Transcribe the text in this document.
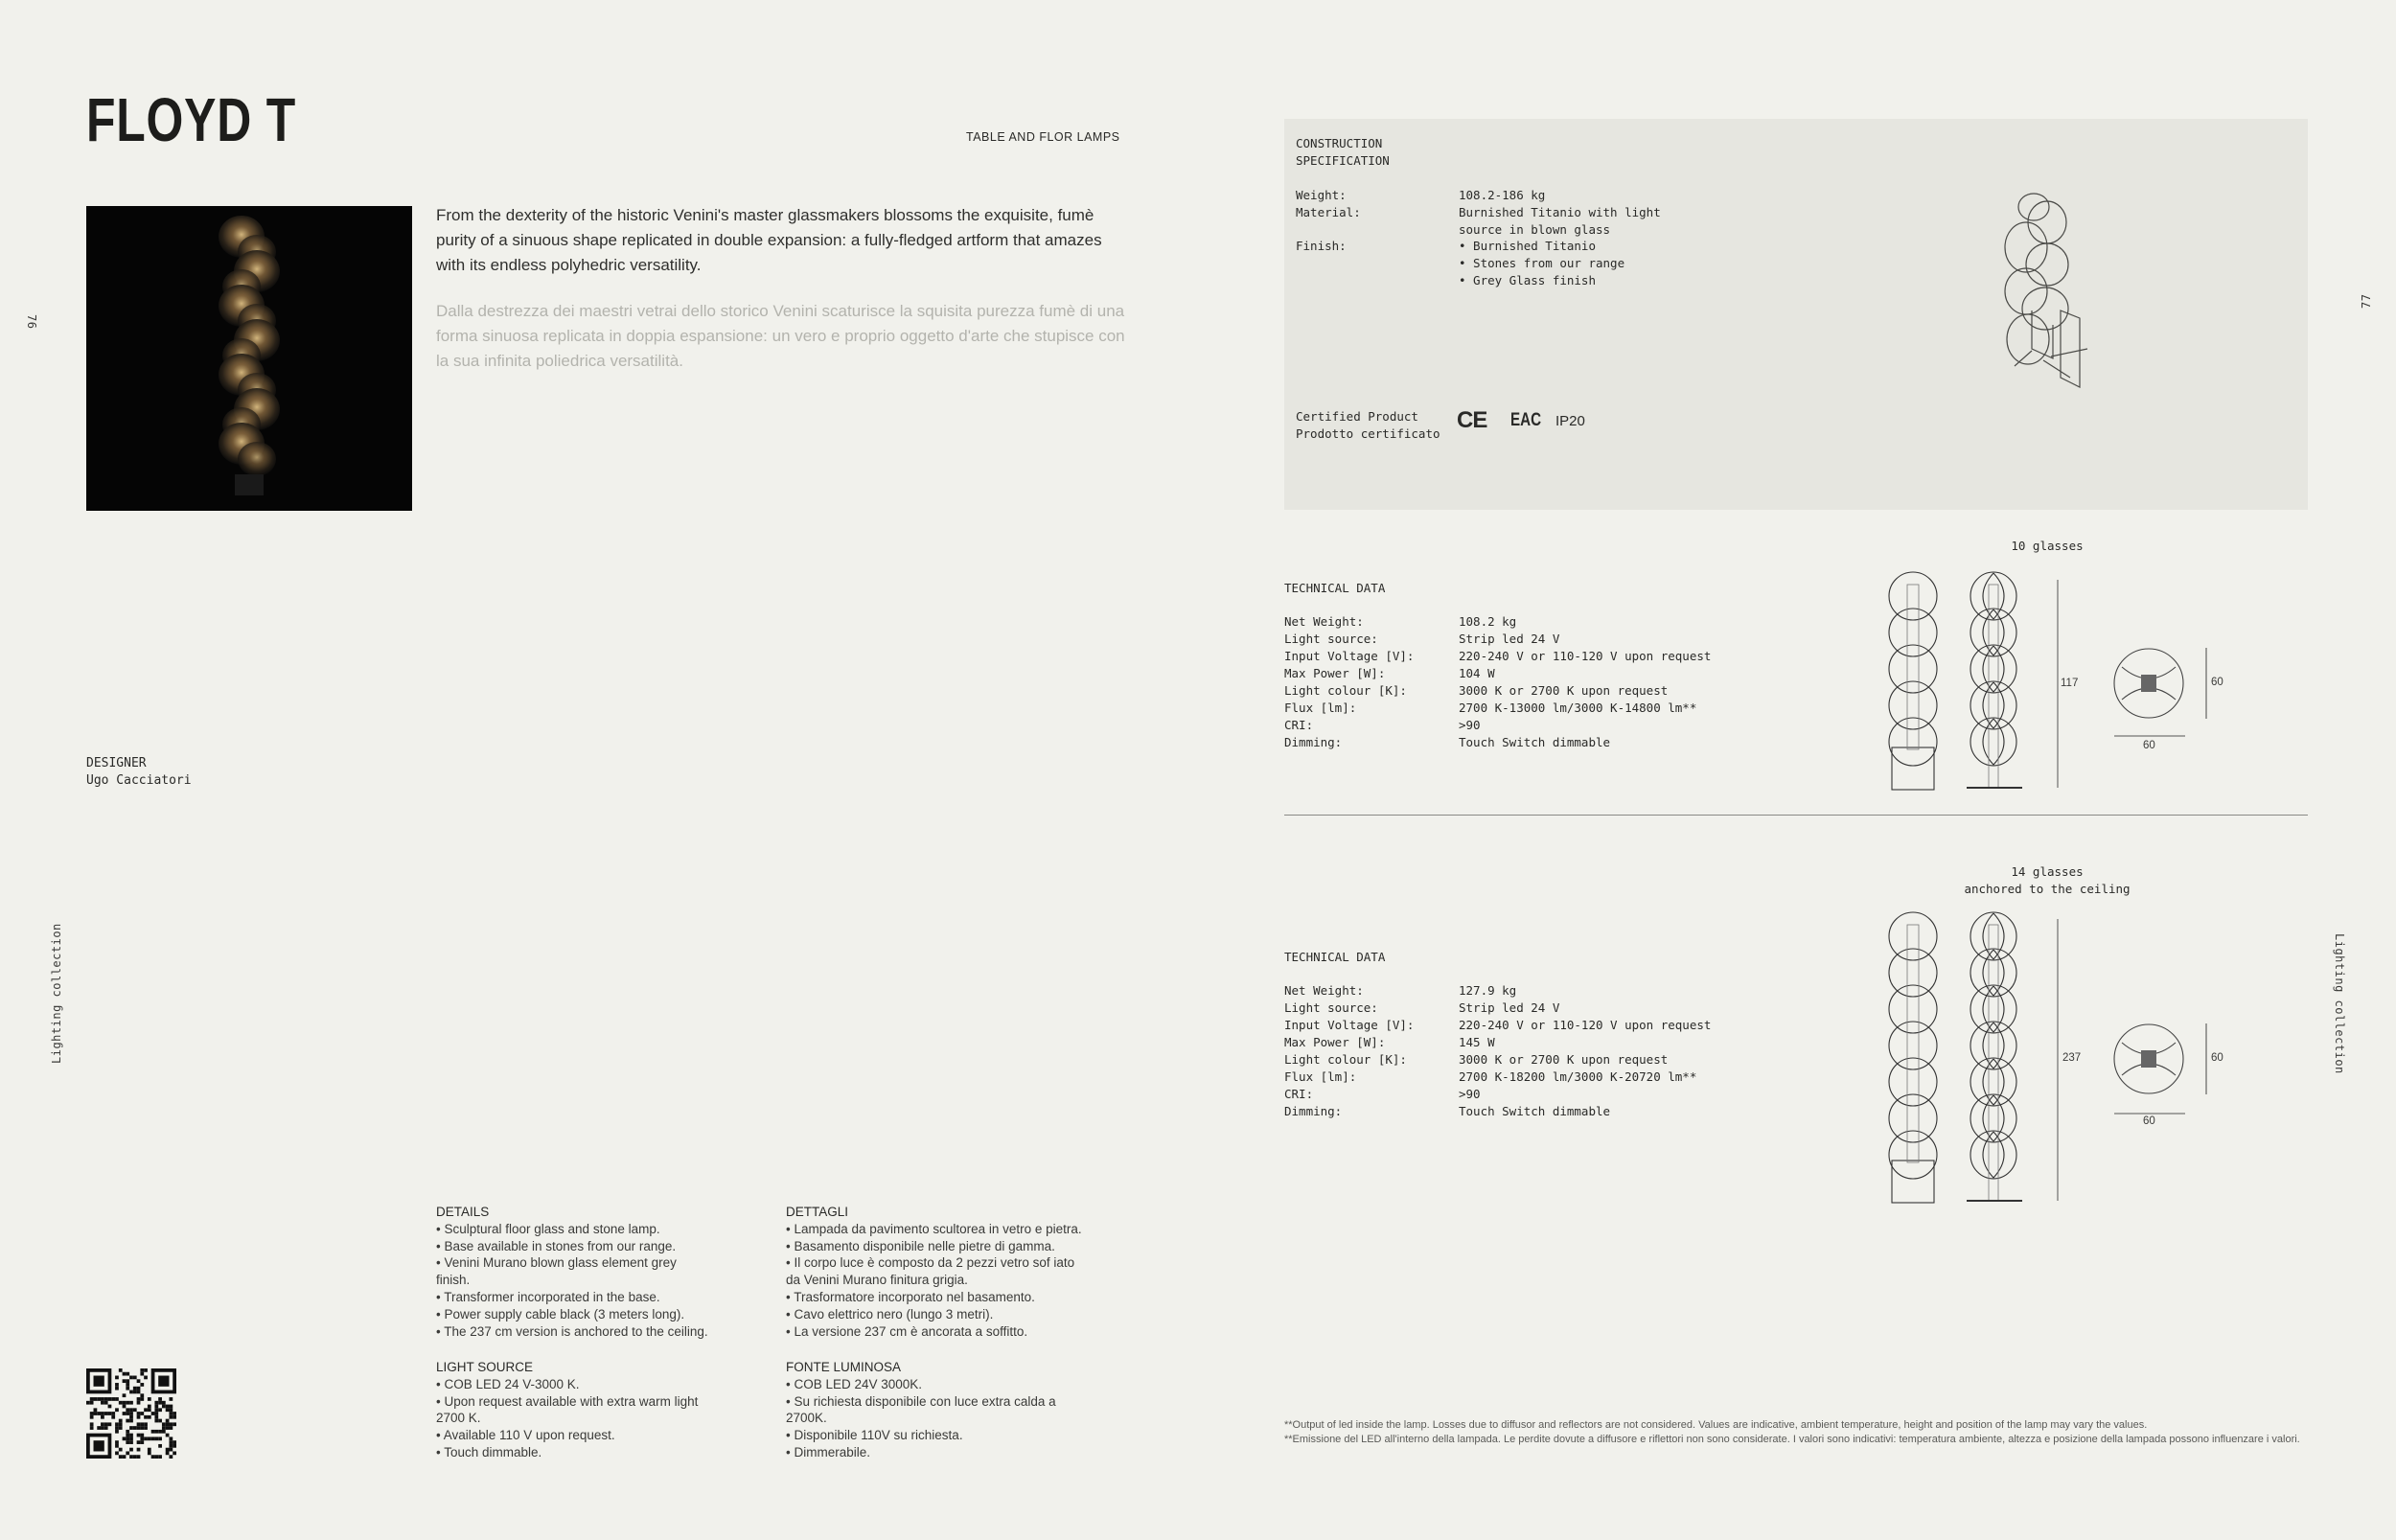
FLOYD T	TABLE AND FLOR LAMPS
From the dexterity of the historic Venini's master glassmakers blossoms the exquisite, fumè purity of a sinuous shape replicated in double expansion: a fully-fledged artform that amazes with its endless polyhedric versatility.
Dalla destrezza dei maestri vetrai dello storico Venini scaturisce la squisita purezza fumè di una forma sinuosa replicata in doppia espansione: un vero e proprio oggetto d'arte che stupisce con la sua infinita poliedrica versatilità.
76
Lighting collection
DESIGNER
Ugo Cacciatori
DETAILS
• Sculptural floor glass and stone lamp.
• Base available in stones from our range.
• Venini Murano blown glass element grey
finish.
• Transformer incorporated in the base.
• Power supply cable black (3 meters long).
• The 237 cm version is anchored to the ceiling.
DETTAGLI
• Lampada da pavimento scultorea in vetro e pietra.
• Basamento disponibile nelle pietre di gamma.
• Il corpo luce è composto da 2 pezzi vetro sof iato
da Venini Murano finitura grigia.
• Trasformatore incorporato nel basamento.
• Cavo elettrico nero (lungo 3 metri).
• La versione 237 cm è ancorata a soffitto.
LIGHT SOURCE
• COB LED 24 V-3000 K.
• Upon request available with extra warm light
2700 K.
• Available 110 V upon request.
• Touch dimmable.
FONTE LUMINOSA
• COB LED 24V 3000K.
• Su richiesta disponibile con luce extra calda a
2700K.
• Disponibile 110V su richiesta.
• Dimmerabile.
CONSTRUCTION
SPECIFICATION
Weight:	108.2-186 kg
Material:	Burnished Titanio with light
source in blown glass
Finish:	• Burnished Titanio
• Stones from our range
• Grey Glass finish
Certified Product
Prodotto certificato
CE EAC IP20
77
Lighting collection
10 glasses
TECHNICAL DATA
Net Weight:	108.2 kg
Light source:	Strip led 24 V
Input Voltage [V]:	220-240 V or 110-120 V upon request
Max Power [W]:	104 W
Light colour [K]:	3000 K or 2700 K upon request
Flux [lm]:	2700 K-13000 lm/3000 K-14800 lm**
CRI:	>90
Dimming:	Touch Switch dimmable
117	60
60
14 glasses
anchored to the ceiling
TECHNICAL DATA
Net Weight:	127.9 kg
Light source:	Strip led 24 V
Input Voltage [V]:	220-240 V or 110-120 V upon request
Max Power [W]:	145 W
Light colour [K]:	3000 K or 2700 K upon request
Flux [lm]:	2700 K-18200 lm/3000 K-20720 lm**
CRI:	>90
Dimming:	Touch Switch dimmable
237	60
60
**Output of led inside the lamp. Losses due to diffusor and reflectors are not considered. Values are indicative, ambient temperature, height and position of the lamp may vary the values.
**Emissione del LED all'interno della lampada. Le perdite dovute a diffusore e riflettori non sono considerate. I valori sono indicativi: temperatura ambiente, altezza e posizione della lampada possono influenzare i valori.
